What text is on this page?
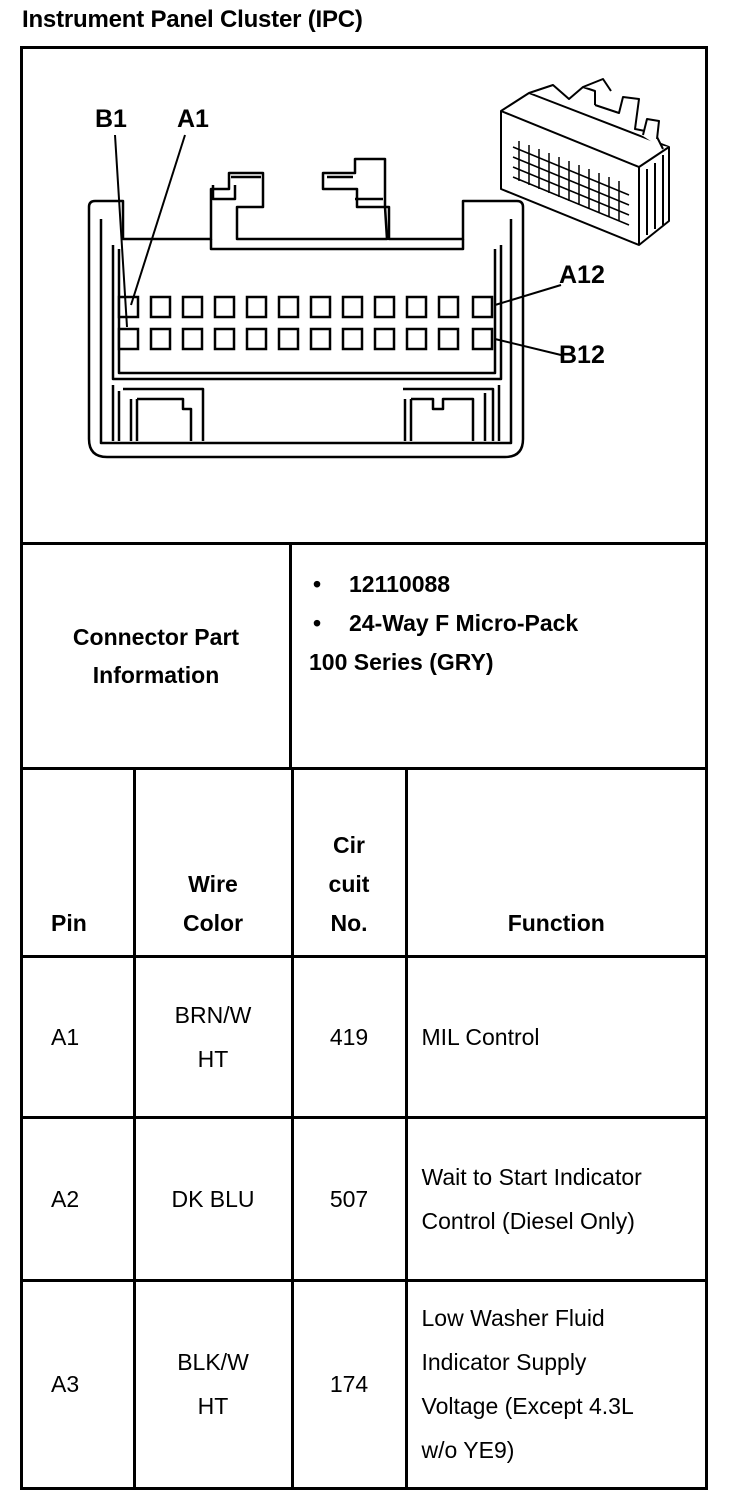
Instrument Panel Cluster (IPC)
B1 A1
A12
B12
Connector Part Information
• 12110088
• 24-Way F Micro-Pack
100 Series (GRY)
Pin	Wire Color	Cir cuit No.	Function
A1	BRN/W HT	419	MIL Control
A2	DK BLU	507	Wait to Start Indicator Control (Diesel Only)
A3	BLK/W HT	174	Low Washer Fluid Indicator Supply Voltage (Except 4.3L w/o YE9)
